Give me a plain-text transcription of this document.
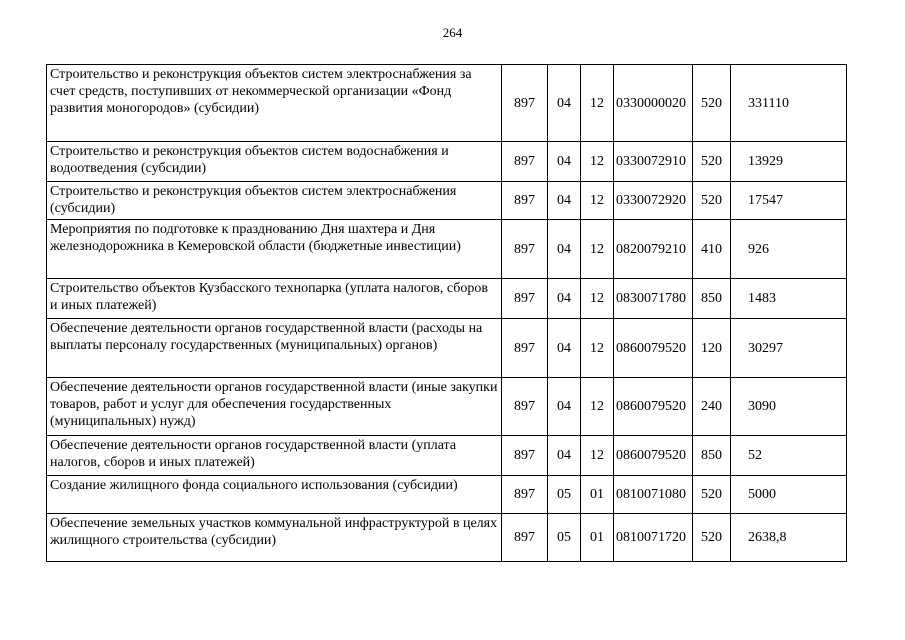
264
Строительство и реконструкция объектов систем электроснабжения за счет средств, поступивших от некоммерческой организации «Фонд развития моногородов» (субсидии)	897	04	12	0330000020	520	331110
Строительство и реконструкция объектов систем водоснабжения и водоотведения (субсидии)	897	04	12	0330072910	520	13929
Строительство и реконструкция объектов систем электроснабжения (субсидии)	897	04	12	0330072920	520	17547
Мероприятия по подготовке к празднованию Дня шахтера и Дня железнодорожника в Кемеровской области (бюджетные инвестиции)	897	04	12	0820079210	410	926
Строительство объектов Кузбасского технопарка (уплата налогов, сборов и иных платежей)	897	04	12	0830071780	850	1483
Обеспечение деятельности органов государственной власти (расходы на выплаты персоналу государственных (муниципальных) органов)	897	04	12	0860079520	120	30297
Обеспечение деятельности органов государственной власти (иные закупки товаров, работ и услуг для обеспечения государственных (муниципальных) нужд)	897	04	12	0860079520	240	3090
Обеспечение деятельности органов государственной власти (уплата налогов, сборов и иных платежей)	897	04	12	0860079520	850	52
Создание жилищного фонда социального использования (субсидии)	897	05	01	0810071080	520	5000
Обеспечение земельных участков коммунальной инфраструктурой в целях жилищного строительства (субсидии)	897	05	01	0810071720	520	2638,8
